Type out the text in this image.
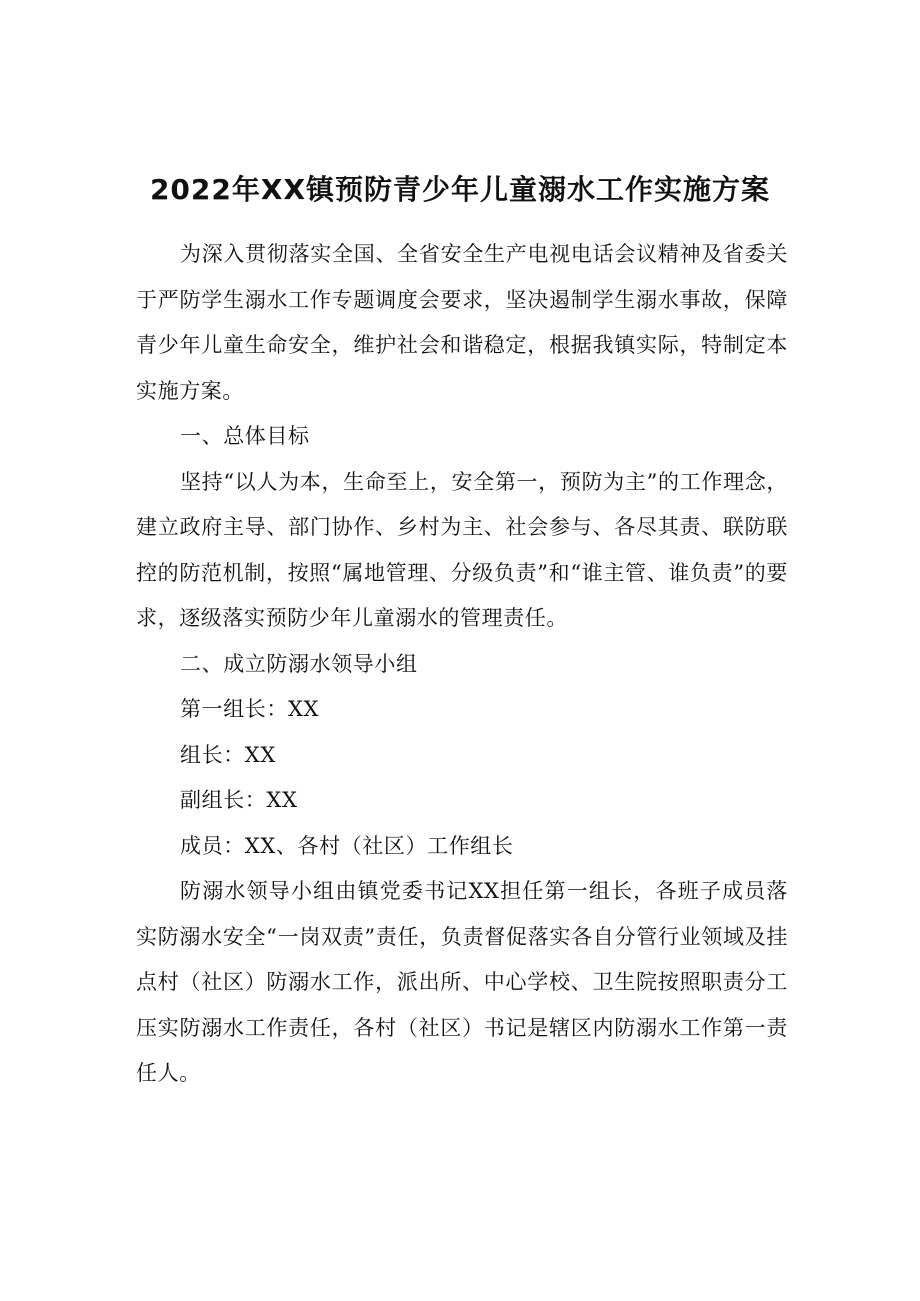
2022年XX镇预防青少年儿童溺水工作实施方案

为深入贯彻落实全国、全省安全生产电视电话会议精神及省委关于严防学生溺水工作专题调度会要求，坚决遏制学生溺水事故，保障青少年儿童生命安全，维护社会和谐稳定，根据我镇实际，特制定本实施方案。

一、总体目标

坚持“以人为本，生命至上，安全第一，预防为主”的工作理念，建立政府主导、部门协作、乡村为主、社会参与、各尽其责、联防联控的防范机制，按照“属地管理、分级负责”和“谁主管、谁负责”的要求，逐级落实预防少年儿童溺水的管理责任。

二、成立防溺水领导小组

第一组长：XX

组长：XX

副组长：XX

成员：XX、各村（社区）工作组长

防溺水领导小组由镇党委书记XX担任第一组长，各班子成员落实防溺水安全“一岗双责”责任，负责督促落实各自分管行业领域及挂点村（社区）防溺水工作，派出所、中心学校、卫生院按照职责分工压实防溺水工作责任，各村（社区）书记是辖区内防溺水工作第一责任人。
